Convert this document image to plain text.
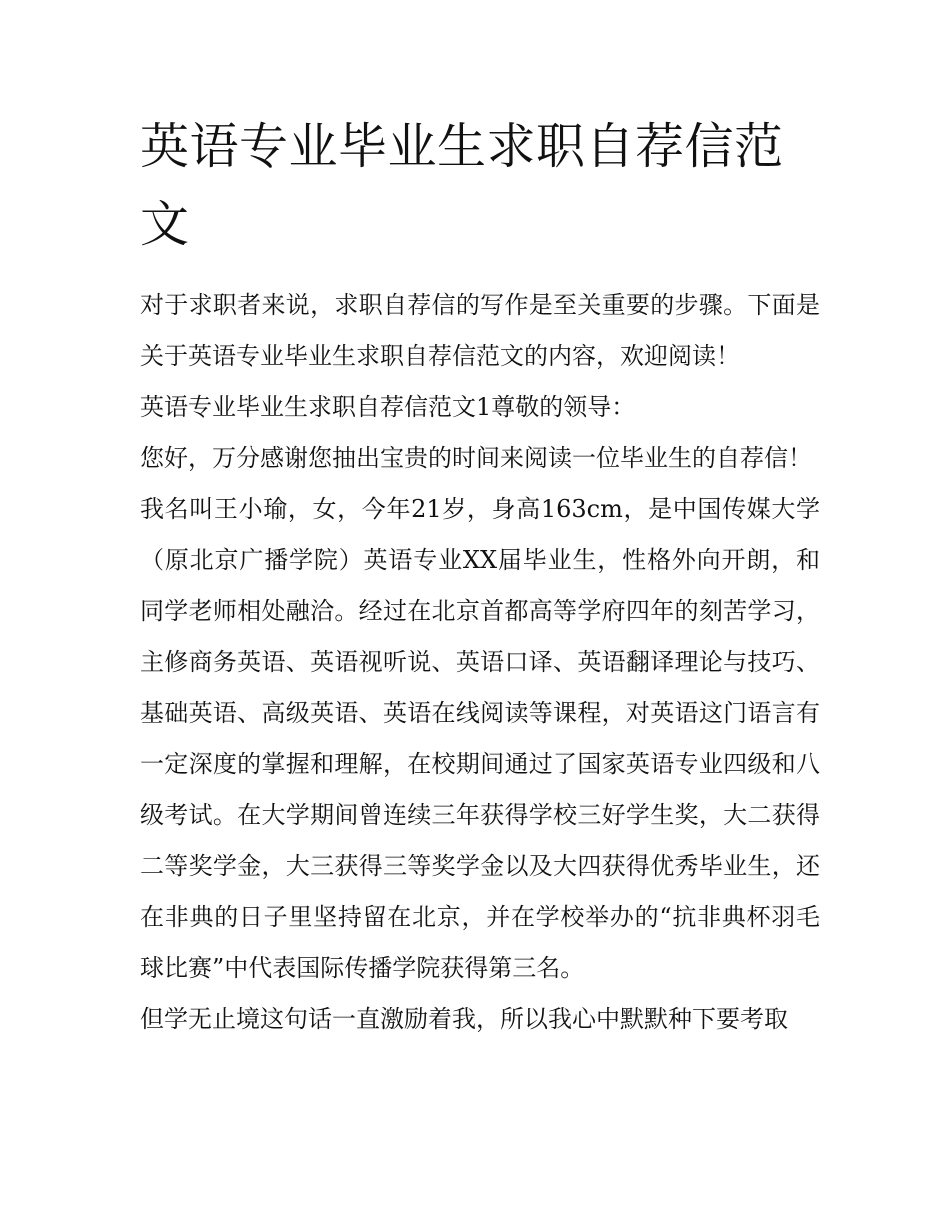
英语专业毕业生求职自荐信范文

对于求职者来说，求职自荐信的写作是至关重要的步骤。下面是关于英语专业毕业生求职自荐信范文的内容，欢迎阅读！

英语专业毕业生求职自荐信范文1尊敬的领导：

您好，万分感谢您抽出宝贵的时间来阅读一位毕业生的自荐信！

我名叫王小瑜，女，今年21岁，身高163cm，是中国传媒大学（原北京广播学院）英语专业XX届毕业生，性格外向开朗，和同学老师相处融洽。经过在北京首都高等学府四年的刻苦学习，主修商务英语、英语视听说、英语口译、英语翻译理论与技巧、基础英语、高级英语、英语在线阅读等课程，对英语这门语言有一定深度的掌握和理解，在校期间通过了国家英语专业四级和八级考试。在大学期间曾连续三年获得学校三好学生奖，大二获得二等奖学金，大三获得三等奖学金以及大四获得优秀毕业生，还在非典的日子里坚持留在北京，并在学校举办的“抗非典杯羽毛球比赛”中代表国际传播学院获得第三名。

但学无止境这句话一直激励着我，所以我心中默默种下要考取
